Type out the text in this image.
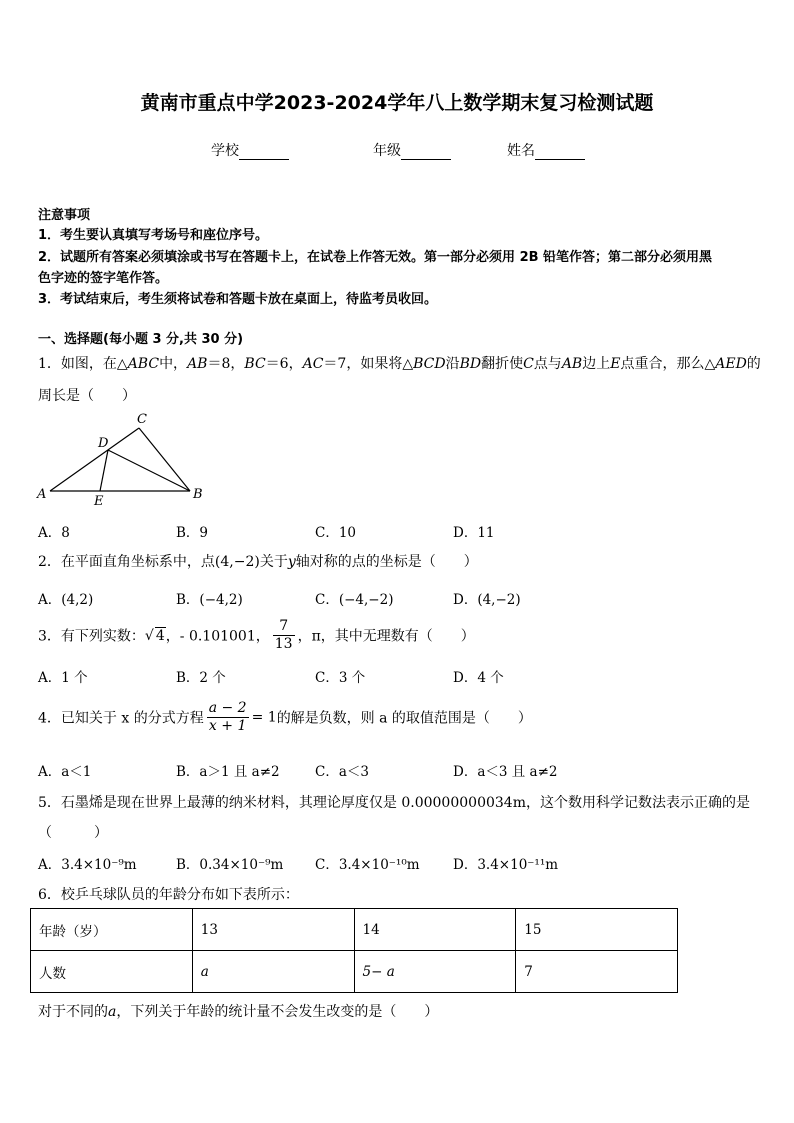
黄南市重点中学2023-2024学年八上数学期末复习检测试题
学校	年级	姓名
注意事项
1．考生要认真填写考场号和座位序号。
2．试题所有答案必须填涂或书写在答题卡上，在试卷上作答无效。第一部分必须用 2B 铅笔作答；第二部分必须用黑
色字迹的签字笔作答。
3．考试结束后，考生须将试卷和答题卡放在桌面上，待监考员收回。
一、选择题(每小题 3 分,共 30 分)
1．如图，在△ABC中，AB＝8，BC＝6，AC＝7，如果将△BCD沿BD翻折使C点与AB边上E点重合，那么△AED的
周长是（　　）
A	B
C
D
E
A．8	B．9	C．10	D．11
2．在平面直角坐标系中，点(4,−2)关于y轴对称的点的坐标是（　　）
A．(4,2)	B．(−4,2)	C．(−4,−2)	D．(4,−2)
3．有下列实数：√ 4，- 0.101001， $\frac{7}{13}$ ，π，其中无理数有（　　）
A．1 个	B．2 个	C．3 个	D．4 个
4．已知关于 x 的分式方程 $\frac{a - 2}{x + 1} = 1$的解是负数，则 a 的取值范围是（　　）
A．a＜1	B．a＞1 且 a≠2	C．a＜3	D．a＜3 且 a≠2
5．石墨烯是现在世界上最薄的纳米材料，其理论厚度仅是 0.00000000034m，这个数用科学记数法表示正确的是
（　　　）
A．3.4×10⁻⁹m	B．0.34×10⁻⁹m C．3.4×10⁻¹⁰m D．3.4×10⁻¹¹m
6．校乒乓球队员的年龄分布如下表所示：
年龄（岁）	13	14	15
人数	a	5− a	7
对于不同的a，下列关于年龄的统计量不会发生改变的是（　　）
